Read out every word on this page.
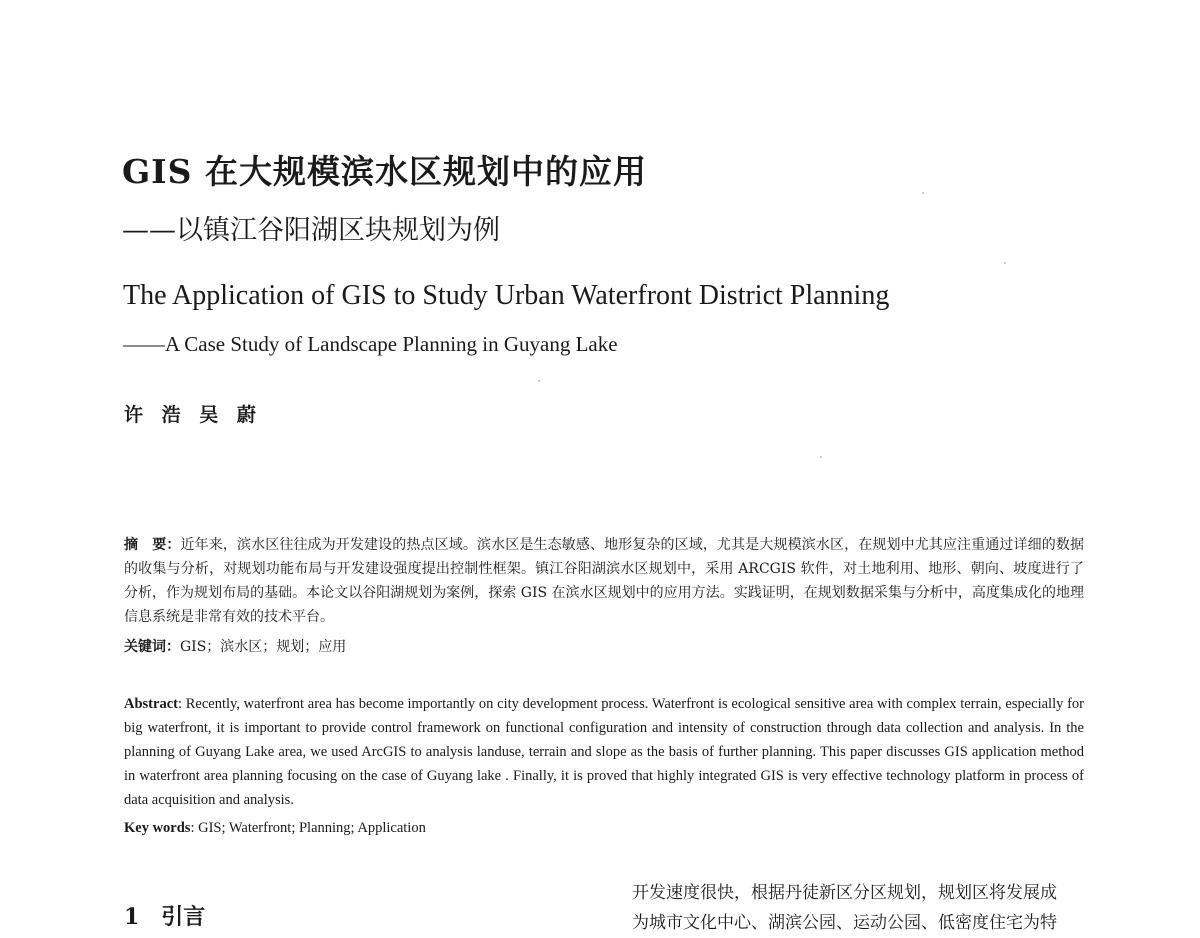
GIS 在大规模滨水区规划中的应用
——以镇江谷阳湖区块规划为例
The Application of GIS to Study Urban Waterfront District Planning
——A Case Study of Landscape Planning in Guyang Lake
许 浩 吴 蔚
摘　要：近年来，滨水区往往成为开发建设的热点区域。滨水区是生态敏感、地形复杂的区域，尤其是大规模滨水区，在规划中尤其应注重通过详细的数据的收集与分析，对规划功能布局与开发建设强度提出控制性框架。镇江谷阳湖滨水区规划中，采用 ARCGIS 软件，对土地利用、地形、朝向、坡度进行了分析，作为规划布局的基础。本论文以谷阳湖规划为案例，探索 GIS 在滨水区规划中的应用方法。实践证明，在规划数据采集与分析中，高度集成化的地理信息系统是非常有效的技术平台。
关键词：GIS；滨水区；规划；应用
Abstract: Recently, waterfront area has become importantly on city development process. Waterfront is ecological sensitive area with complex terrain, especially for big waterfront, it is important to provide control framework on functional configuration and intensity of construction through data collection and analysis. In the planning of Guyang Lake area, we used ArcGIS to analysis landuse, terrain and slope as the basis of further planning. This paper discusses GIS application method in waterfront area planning focusing on the case of Guyang lake . Finally, it is proved that highly integrated GIS is very effective technology platform in process of data acquisition and analysis.
Key words: GIS; Waterfront; Planning; Application
1　引言
开发速度很快，根据丹徒新区分区规划，规划区将发展成
为城市文化中心、湖滨公园、运动公园、低密度住宅为特
